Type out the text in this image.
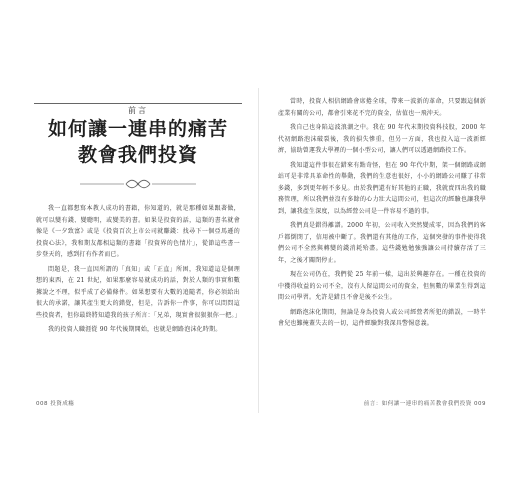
前言
如何讓一連串的痛苦
教會我們投資

我一直都想寫本教人成功的書籍，你知道的，就是那種如果跟著做，就可以變有錢、變聰明，或變美的書。如果是投資的話，這類的書名就會像是《一夕致富》或是《投資百次上市公司就賺錢：找尋下一個亞馬遜的投資心法》，我和期友都相這類的書籍「投資界的色情片」，從節這些書一步登天的，感到打有作者而已。

問題是，我一直因所謂的「真知」或「正直」所困，我知道這是個理想的東西，在 21 世紀，如果那麼容易就成功的話，對於人類的事實和數據說之不理，似乎成了必備條件。如果想要有大數的追隨者，你必須給出很大的承諾，讓其產生更大的錯覺，但是，告訴你一件事，你可以問問這些投資者，但你最終將知道我的孩子所言：「兄弟，現實會很狠狠你一把。」

我的投資人職涯從 90 年代後期開始，也就是網路泡沫化時期。

008 投資成癮

當時，投資人相信網路會席捲全球，帶來一波新的革命，只要跟這個新產業有關的公司，都會引來花不完的資金，估值也一飛沖天。

我自己也身陷這波浪潮之中。我在 90 年代末期投資科技股，2000 年代初網路泡沫破裂後，我的損失慘重，但另一方面，我也投入這一波新經濟，協助曾運我大學裡的一個小型公司，讓人們可以透過網路投工作。

我知道這件事很在錯來有點奇怪，但在 90 年代中期，架一個網路或網站可是非常具革命性的舉動，我們的生意也很好，小小的網路公司賺了非常多錢，多到更年輕不多見。由於我們還有好其他的正職，我就賣四出我的職務管理，所以我們並沒有多餘的心力壯大這間公司，但這次的經驗也讓我學到，讓我產生深度，以為經營公司是一件容易不過的事。

我們真是錯得離譜。2000 年初，公司收入突然變成零，因為我們的客戶都倒閉了，信用被中斷了。我們還有其他的工作，這個突發的事件使得我們公司不全然與轉變的錢消耗殆盡。這些錢勉勉強強讓公司持續存活了三年，之後才關閉停止。

現在公司仍在，我們從 25 年前一樣，這出於興趣存在。一種在投資的中獲得收益的公司不全，沒有人留這間公司的資金，但無數的畢業生得到這間公司學習。允許是錯且不會是後不公生。

網路泡沫化期間，無論是身為投資人或公司經營者所犯的錯誤，一時半會兒也難掩蓋失去的一切，這件經驗對我深具警惕意義。

前言：如何讓一連串的痛苦教會我們投資 009
